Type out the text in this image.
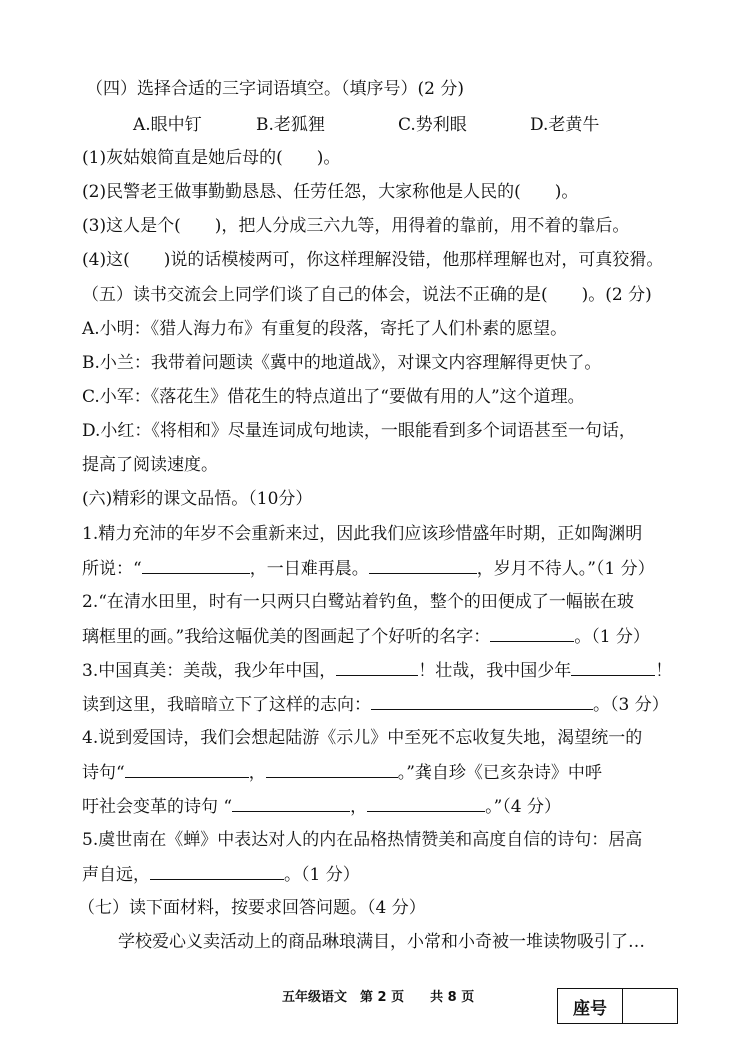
（四）选择合适的三字词语填空。（填序号）(2 分)
A.眼中钉	B.老狐狸	C.势利眼	D.老黄牛
(1)灰姑娘简直是她后母的(　　)。
(2)民警老王做事勤勤恳恳、任劳任怨，大家称他是人民的(　　)。
(3)这人是个(　　)，把人分成三六九等，用得着的靠前，用不着的靠后。
(4)这(　　)说的话模棱两可，你这样理解没错，他那样理解也对，可真狡猾。
（五）读书交流会上同学们谈了自己的体会，说法不正确的是(　　)。(2 分)
A.小明：《猎人海力布》有重复的段落，寄托了人们朴素的愿望。
B.小兰：我带着问题读《冀中的地道战》，对课文内容理解得更快了。
C.小军：《落花生》借花生的特点道出了“要做有用的人”这个道理。
D.小红：《将相和》尽量连词成句地读，一眼能看到多个词语甚至一句话，
提高了阅读速度。
(六)精彩的课文品悟。（10分）
1.精力充沛的年岁不会重新来过，因此我们应该珍惜盛年时期，正如陶渊明
所说：“	，一日难再晨。	，岁月不待人。”（1 分）
2.“在清水田里，时有一只两只白鹭站着钓鱼，整个的田便成了一幅嵌在玻
璃框里的画。”我给这幅优美的图画起了个好听的名字：	。（1 分）
3.中国真美：美哉，我少年中国，	！壮哉，我中国少年	！
读到这里，我暗暗立下了这样的志向：	。（3 分）
4.说到爱国诗，我们会想起陆游《示儿》中至死不忘收复失地，渴望统一的
诗句“	，	。”龚自珍《已亥杂诗》中呼
吁社会变革的诗句 “	，	。”（4 分）
5.虞世南在《蝉》中表达对人的内在品格热情赞美和高度自信的诗句：居高
声自远，	。（1 分）
（七）读下面材料，按要求回答问题。（4 分）
学校爱心义卖活动上的商品琳琅满目，小常和小奇被一堆读物吸引了…
五年级语文　第 2 页　　共 8 页
座号
